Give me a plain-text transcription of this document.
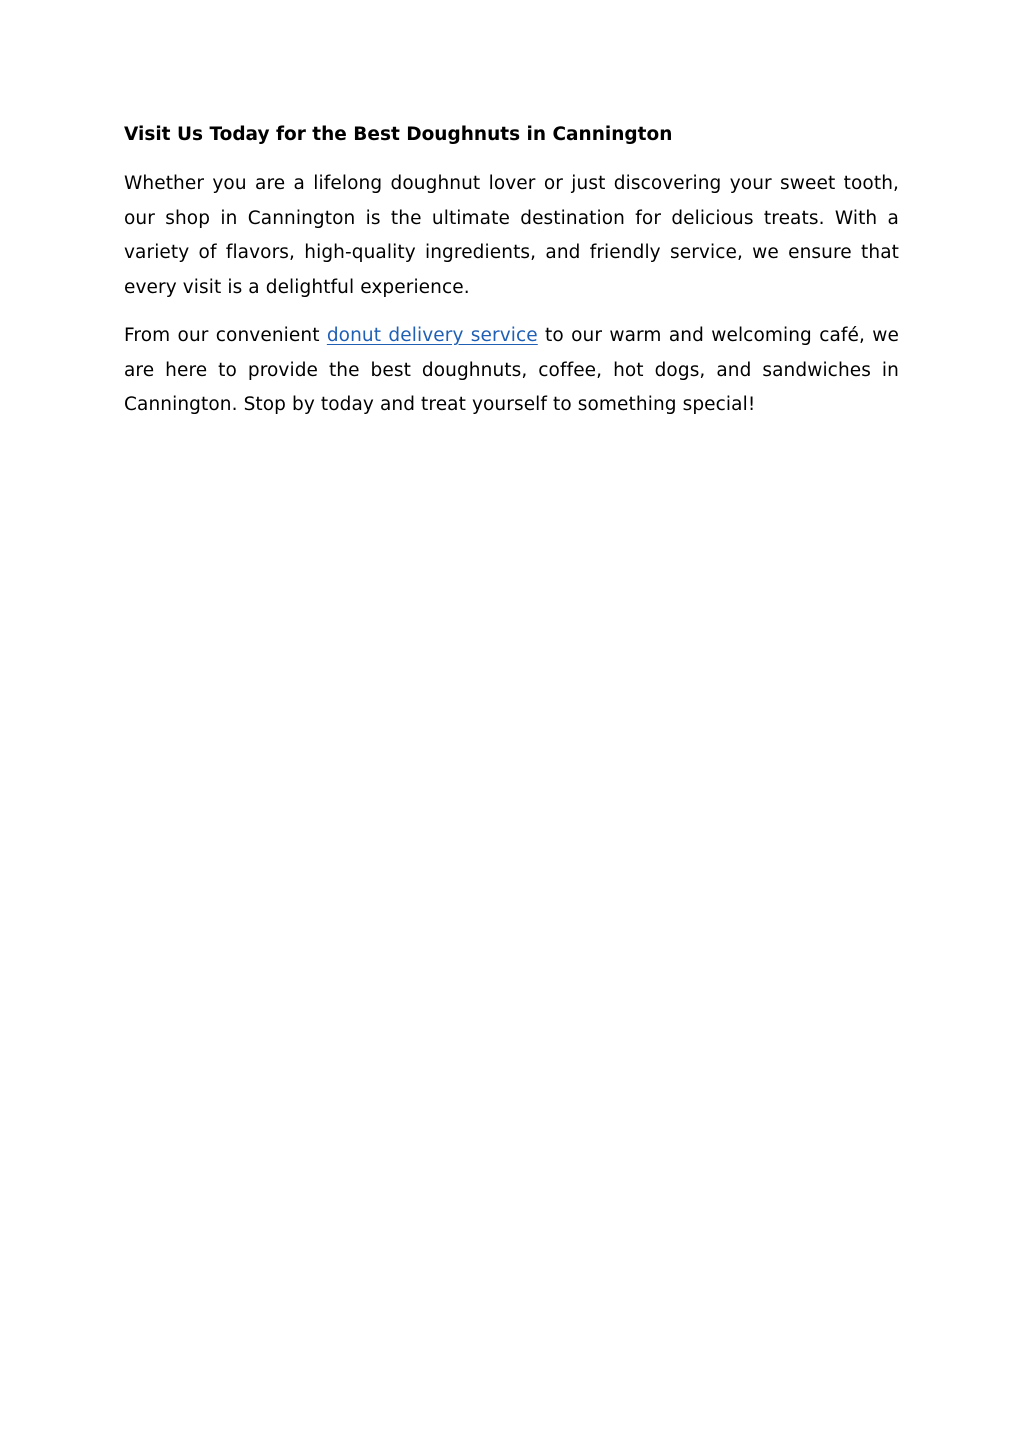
Visit Us Today for the Best Doughnuts in Cannington

Whether you are a lifelong doughnut lover or just discovering your sweet tooth, our shop in Cannington is the ultimate destination for delicious treats. With a variety of flavors, high-quality ingredients, and friendly service, we ensure that every visit is a delightful experience.

From our convenient donut delivery service to our warm and welcoming café, we are here to provide the best doughnuts, coffee, hot dogs, and sandwiches in Cannington. Stop by today and treat yourself to something special!
